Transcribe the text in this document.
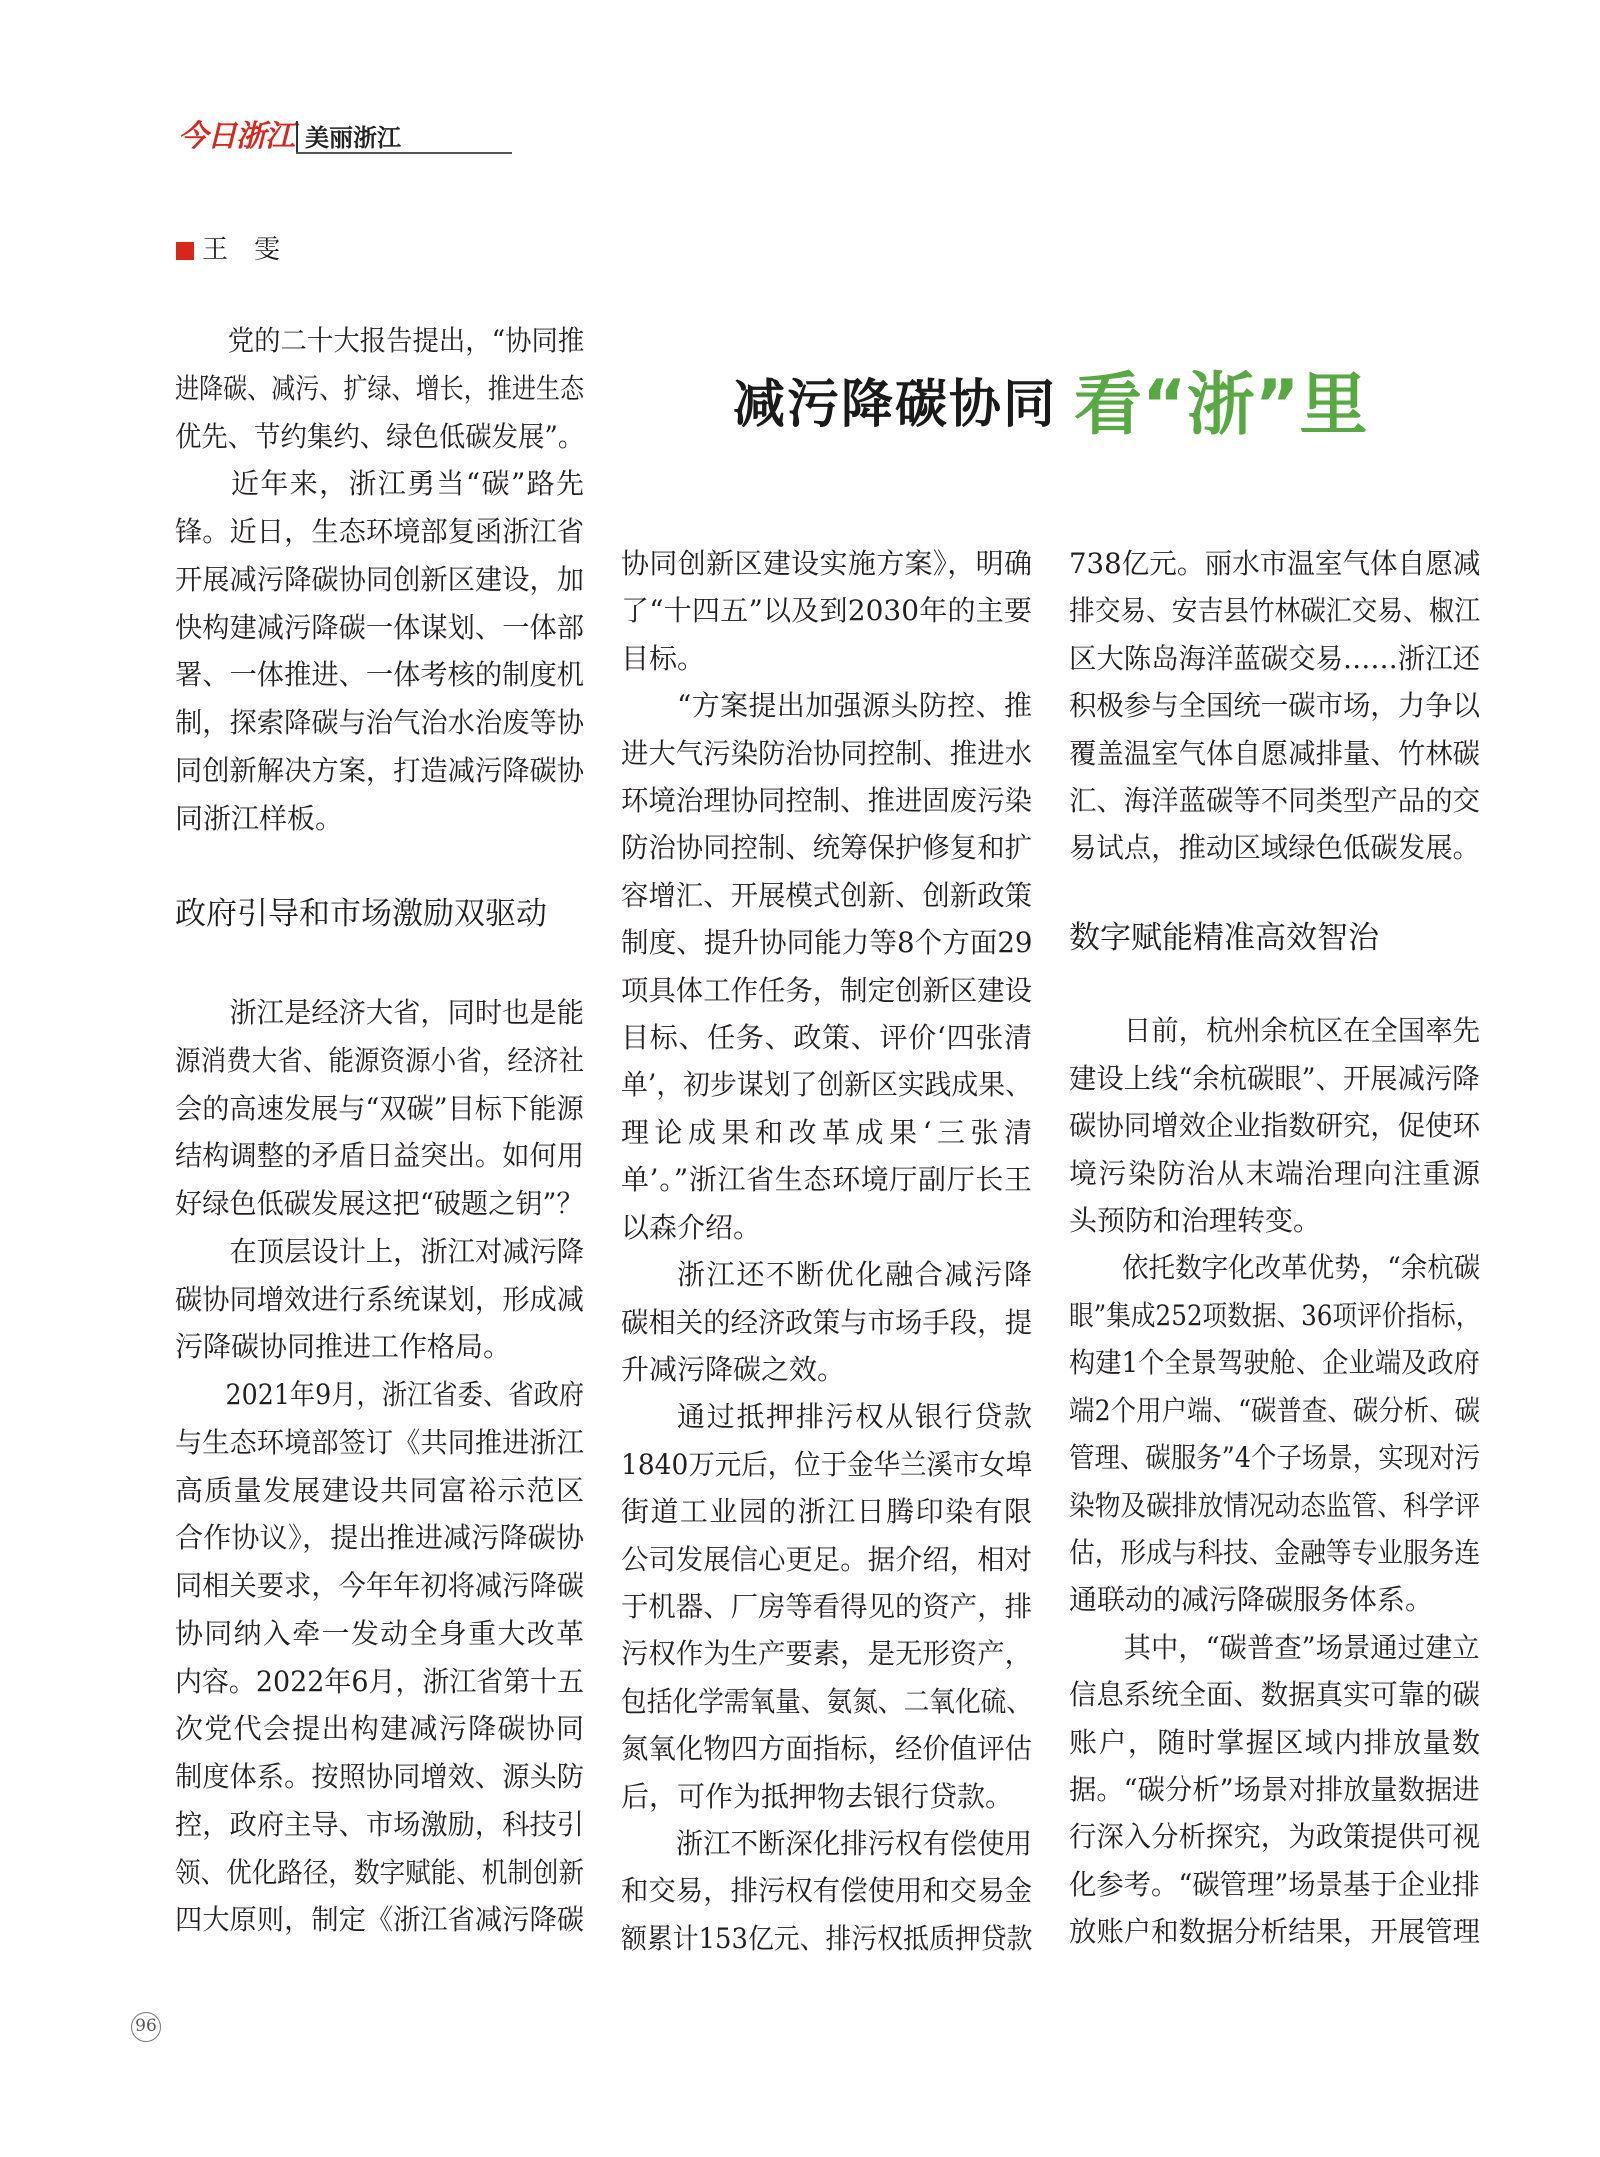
今日浙江 美丽浙江
王　雯
减污降碳协同 看“浙”里
党的二十大报告提出，“协同推
进降碳、减污、扩绿、增长，推进生态
优先、节约集约、绿色低碳发展”。
近年来，浙江勇当“碳”路先
锋。近日，生态环境部复函浙江省
开展减污降碳协同创新区建设，加
快构建减污降碳一体谋划、一体部
署、一体推进、一体考核的制度机
制，探索降碳与治气治水治废等协
同创新解决方案，打造减污降碳协
同浙江样板。
政府引导和市场激励双驱动
浙江是经济大省，同时也是能
源消费大省、能源资源小省，经济社
会的高速发展与“双碳”目标下能源
结构调整的矛盾日益突出。如何用
好绿色低碳发展这把“破题之钥”？
在顶层设计上，浙江对减污降
碳协同增效进行系统谋划，形成减
污降碳协同推进工作格局。
2021年9月，浙江省委、省政府
与生态环境部签订《共同推进浙江
高质量发展建设共同富裕示范区
合作协议》，提出推进减污降碳协
同相关要求，今年年初将减污降碳
协同纳入牵一发动全身重大改革
内容。2022年6月，浙江省第十五
次党代会提出构建减污降碳协同
制度体系。按照协同增效、源头防
控，政府主导、市场激励，科技引
领、优化路径，数字赋能、机制创新
四大原则，制定《浙江省减污降碳
协同创新区建设实施方案》，明确
了“十四五”以及到2030年的主要
目标。
“方案提出加强源头防控、推
进大气污染防治协同控制、推进水
环境治理协同控制、推进固废污染
防治协同控制、统筹保护修复和扩
容增汇、开展模式创新、创新政策
制度、提升协同能力等8个方面29
项具体工作任务，制定创新区建设
目标、任务、政策、评价‘四张清
单’，初步谋划了创新区实践成果、
理论成果和改革成果‘三张清
单’。”浙江省生态环境厅副厅长王
以森介绍。
浙江还不断优化融合减污降
碳相关的经济政策与市场手段，提
升减污降碳之效。
通过抵押排污权从银行贷款
1840万元后，位于金华兰溪市女埠
街道工业园的浙江日腾印染有限
公司发展信心更足。据介绍，相对
于机器、厂房等看得见的资产，排
污权作为生产要素，是无形资产，
包括化学需氧量、氨氮、二氧化硫、
氮氧化物四方面指标，经价值评估
后，可作为抵押物去银行贷款。
浙江不断深化排污权有偿使用
和交易，排污权有偿使用和交易金
额累计153亿元、排污权抵质押贷款
738亿元。丽水市温室气体自愿减
排交易、安吉县竹林碳汇交易、椒江
区大陈岛海洋蓝碳交易……浙江还
积极参与全国统一碳市场，力争以
覆盖温室气体自愿减排量、竹林碳
汇、海洋蓝碳等不同类型产品的交
易试点，推动区域绿色低碳发展。
数字赋能精准高效智治
日前，杭州余杭区在全国率先
建设上线“余杭碳眼”、开展减污降
碳协同增效企业指数研究，促使环
境污染防治从末端治理向注重源
头预防和治理转变。
依托数字化改革优势，“余杭碳
眼”集成252项数据、36项评价指标，
构建1个全景驾驶舱、企业端及政府
端2个用户端、“碳普查、碳分析、碳
管理、碳服务”4个子场景，实现对污
染物及碳排放情况动态监管、科学评
估，形成与科技、金融等专业服务连
通联动的减污降碳服务体系。
其中，“碳普查”场景通过建立
信息系统全面、数据真实可靠的碳
账户，随时掌握区域内排放量数
据。“碳分析”场景对排放量数据进
行深入分析探究，为政策提供可视
化参考。“碳管理”场景基于企业排
放账户和数据分析结果，开展管理
96
